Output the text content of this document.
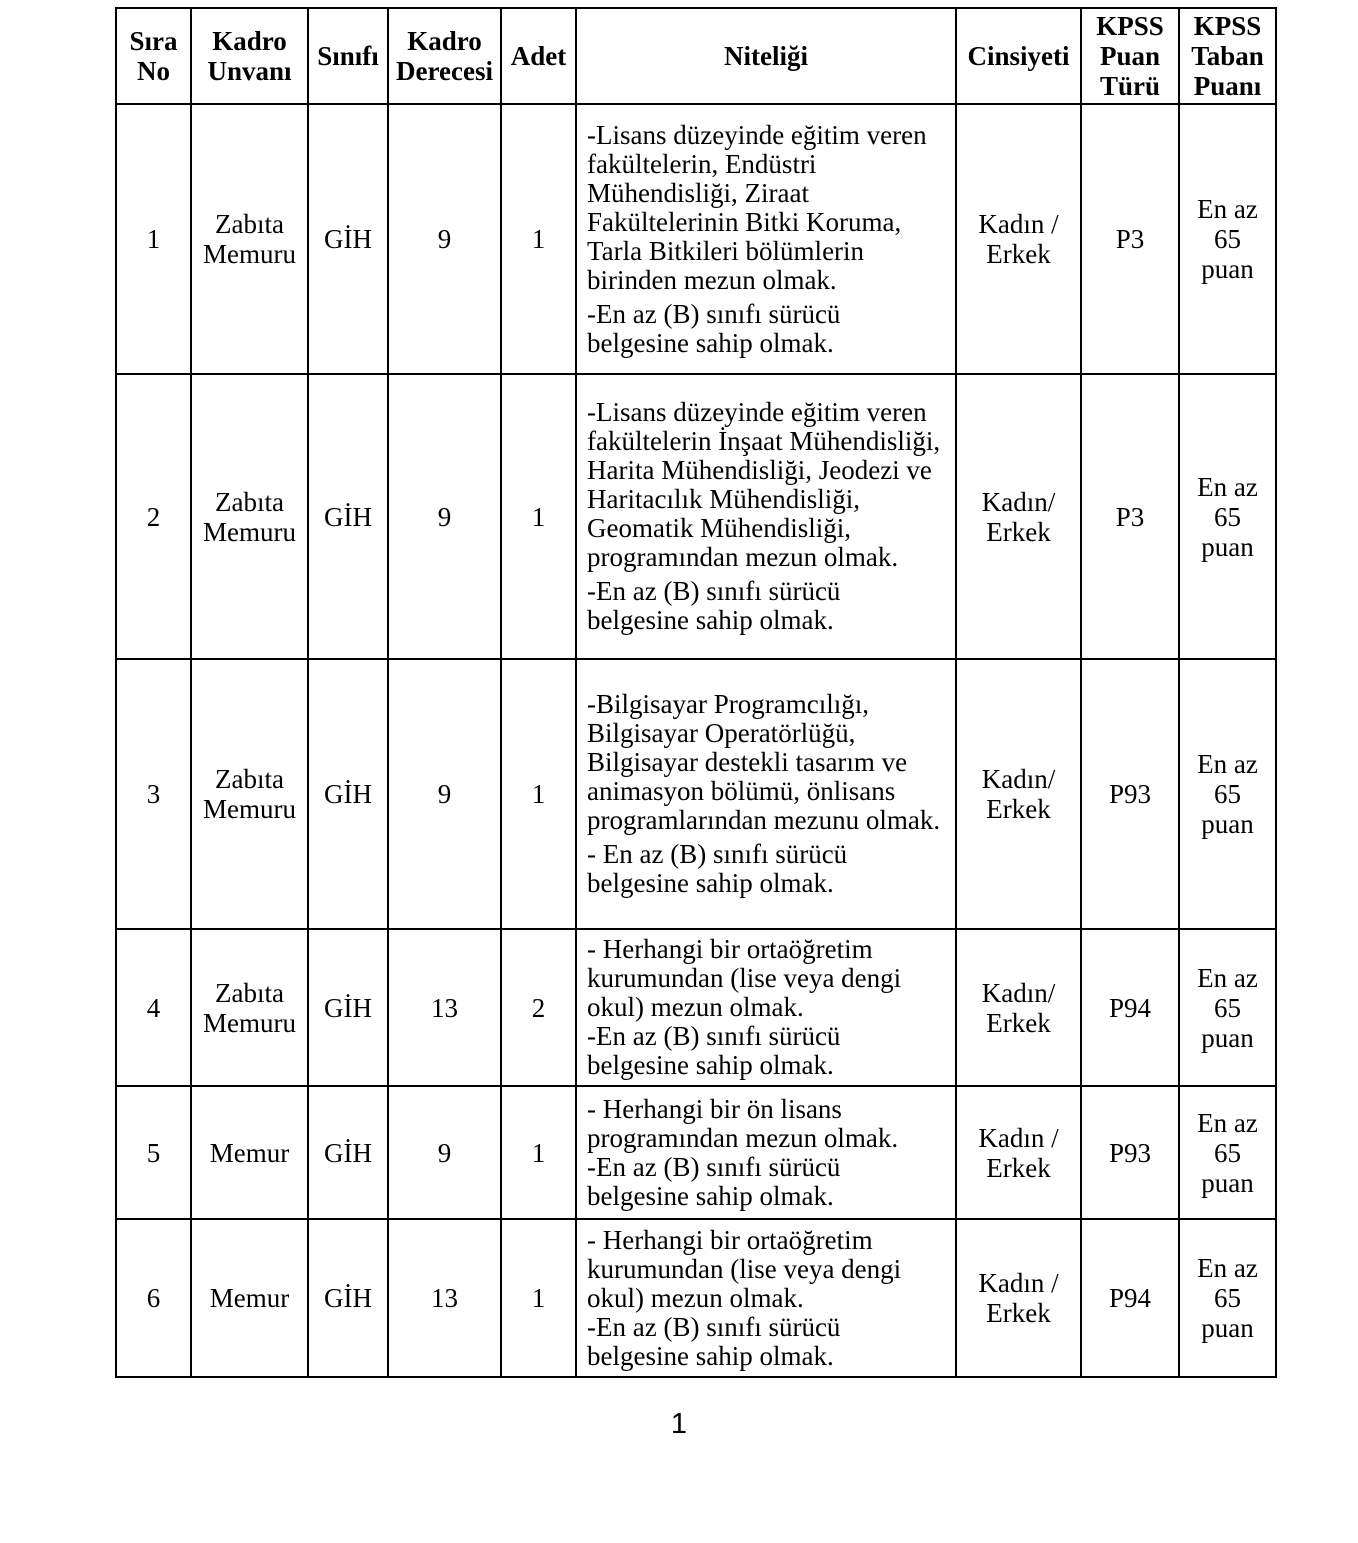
Sıra No	Kadro Unvanı	Sınıfı	Kadro Derecesi	Adet	Niteliği	Cinsiyeti	KPSS Puan Türü	KPSS Taban Puanı
1	Zabıta Memuru	GİH	9	1	-Lisans düzeyinde eğitim veren fakültelerin, Endüstri Mühendisliği, Ziraat Fakültelerinin Bitki Koruma, Tarla Bitkileri bölümlerin birinden mezun olmak.
-En az (B) sınıfı sürücü belgesine sahip olmak.	Kadın / Erkek	P3	En az 65 puan
2	Zabıta Memuru	GİH	9	1	-Lisans düzeyinde eğitim veren fakültelerin İnşaat Mühendisliği, Harita Mühendisliği, Jeodezi ve Haritacılık Mühendisliği, Geomatik Mühendisliği, programından mezun olmak.
-En az (B) sınıfı sürücü belgesine sahip olmak.	Kadın/ Erkek	P3	En az 65 puan
3	Zabıta Memuru	GİH	9	1	-Bilgisayar Programcılığı, Bilgisayar Operatörlüğü, Bilgisayar destekli tasarım ve animasyon bölümü, önlisans programlarından mezunu olmak.
- En az (B) sınıfı sürücü belgesine sahip olmak.	Kadın/ Erkek	P93	En az 65 puan
4	Zabıta Memuru	GİH	13	2	- Herhangi bir ortaöğretim kurumundan (lise veya dengi okul) mezun olmak.
-En az (B) sınıfı sürücü belgesine sahip olmak.	Kadın/ Erkek	P94	En az 65 puan
5	Memur	GİH	9	1	- Herhangi bir ön lisans programından mezun olmak.
-En az (B) sınıfı sürücü belgesine sahip olmak.	Kadın / Erkek	P93	En az 65 puan
6	Memur	GİH	13	1	- Herhangi bir ortaöğretim kurumundan (lise veya dengi okul) mezun olmak.
-En az (B) sınıfı sürücü belgesine sahip olmak.	Kadın / Erkek	P94	En az 65 puan
1
